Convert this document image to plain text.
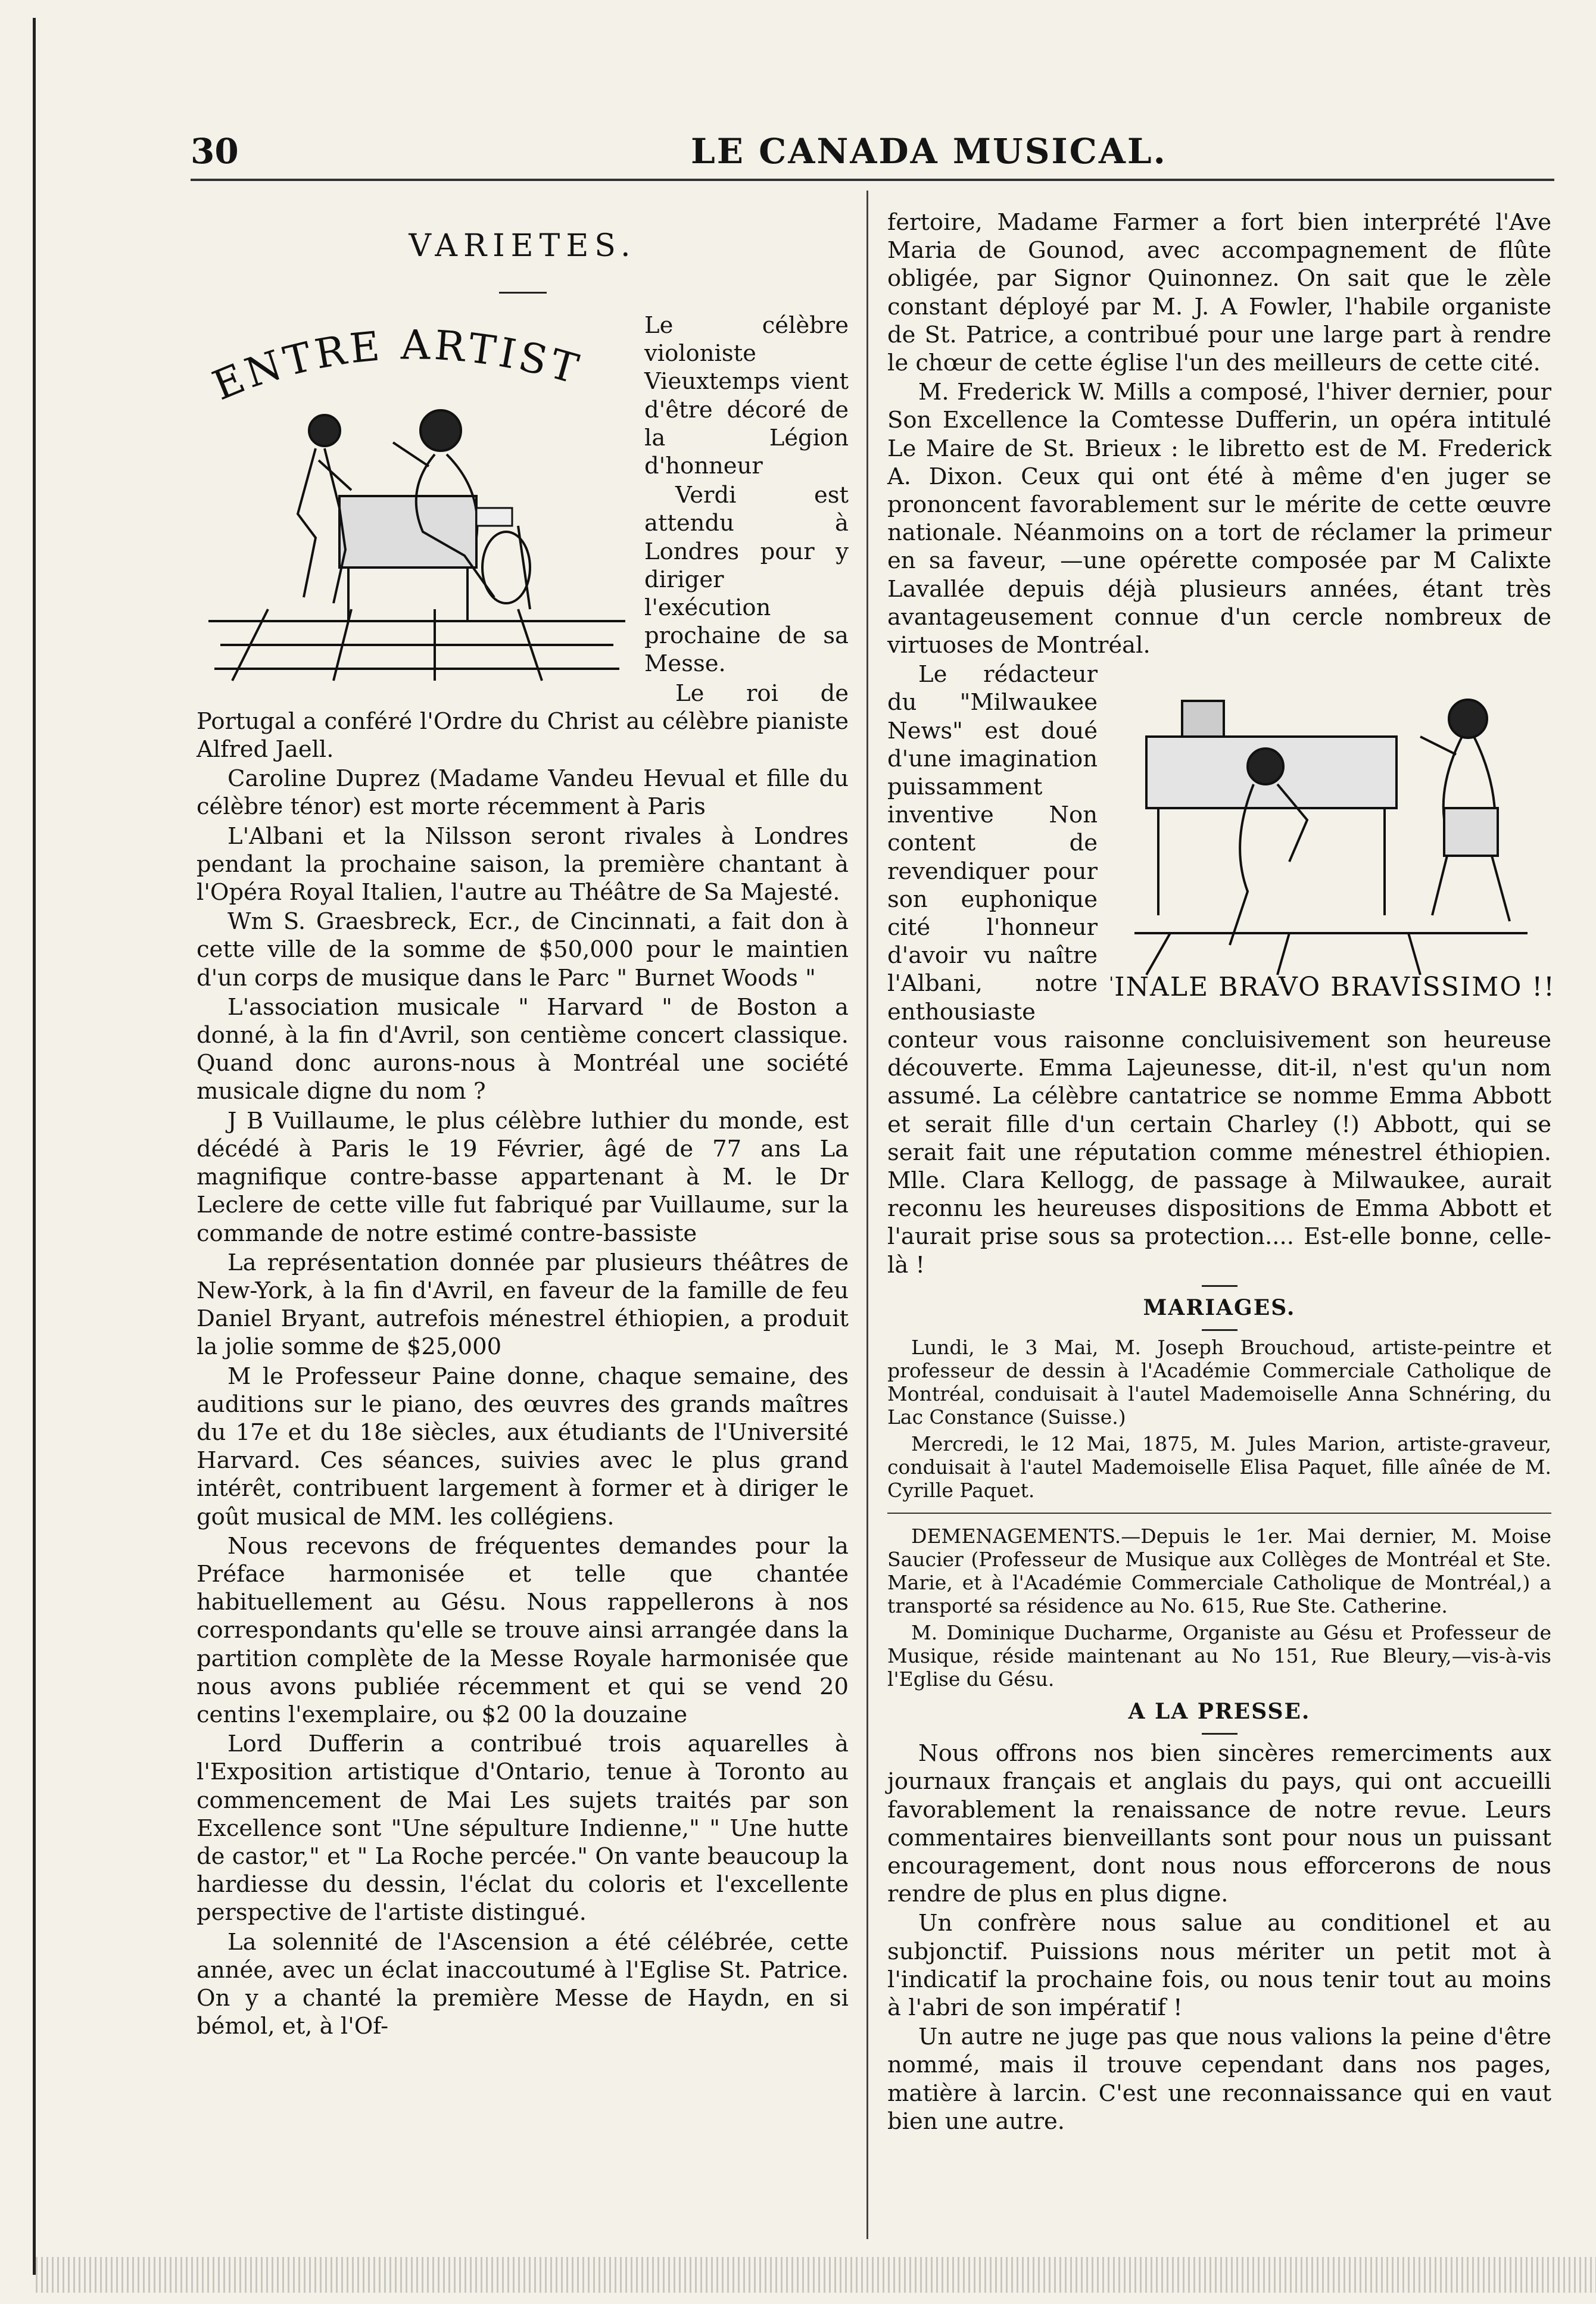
30	LE CANADA MUSICAL.
VARIETES.
ENTRE ARTIST

Le célèbre violoniste Vieuxtemps vient d'être décoré de la Légion d'honneur

Verdi est attendu à Londres pour y diriger l'exécution prochaine de sa Messe.

Le roi de Portugal a conféré l'Ordre du Christ au célèbre pianiste Alfred Jaell.

Caroline Duprez (Madame Vandeu Hevual et fille du célèbre ténor) est morte récemment à Paris

L'Albani et la Nilsson seront rivales à Londres pendant la prochaine saison, la première chantant à l'Opéra Royal Italien, l'autre au Théâtre de Sa Majesté.

Wm S. Graesbreck, Ecr., de Cincinnati, a fait don à cette ville de la somme de $50,000 pour le maintien d'un corps de musique dans le Parc " Burnet Woods "

L'association musicale " Harvard " de Boston a donné, à la fin d'Avril, son centième concert classique. Quand donc aurons-nous à Montréal une société musicale digne du nom ?

J B Vuillaume, le plus célèbre luthier du monde, est décédé à Paris le 19 Février, âgé de 77 ans La magnifique contre-basse appartenant à M. le Dr Leclere de cette ville fut fabriqué par Vuillaume, sur la commande de notre estimé contre-bassiste

La représentation donnée par plusieurs théâtres de New-York, à la fin d'Avril, en faveur de la famille de feu Daniel Bryant, autrefois ménestrel éthiopien, a produit la jolie somme de $25,000

M le Professeur Paine donne, chaque semaine, des auditions sur le piano, des œuvres des grands maîtres du 17e et du 18e siècles, aux étudiants de l'Université Harvard. Ces séances, suivies avec le plus grand intérêt, contribuent largement à former et à diriger le goût musical de MM. les collégiens.

Nous recevons de fréquentes demandes pour la Préface harmonisée et telle que chantée habituellement au Gésu. Nous rappellerons à nos correspondants qu'elle se trouve ainsi arrangée dans la partition complète de la Messe Royale harmonisée que nous avons publiée récemment et qui se vend 20 centins l'exemplaire, ou $2 00 la douzaine

Lord Dufferin a contribué trois aquarelles à l'Exposition artistique d'Ontario, tenue à Toronto au commencement de Mai Les sujets traités par son Excellence sont "Une sépulture Indienne," " Une hutte de castor," et " La Roche percée." On vante beaucoup la hardiesse du dessin, l'éclat du coloris et l'excellente perspective de l'artiste distingué.

La solennité de l'Ascension a été célébrée, cette année, avec un éclat inaccoutumé à l'Eglise St. Patrice. On y a chanté la première Messe de Haydn, en si bémol, et, à l'Of-

fertoire, Madame Farmer a fort bien interprété l'Ave Maria de Gounod, avec accompagnement de flûte obligée, par Signor Quinonnez. On sait que le zèle constant déployé par M. J. A Fowler, l'habile organiste de St. Patrice, a contribué pour une large part à rendre le chœur de cette église l'un des meilleurs de cette cité.

M. Frederick W. Mills a composé, l'hiver dernier, pour Son Excellence la Comtesse Dufferin, un opéra intitulé Le Maire de St. Brieux : le libretto est de M. Frederick A. Dixon. Ceux qui ont été à même d'en juger se prononcent favorablement sur le mérite de cette œuvre nationale. Néanmoins on a tort de réclamer la primeur en sa faveur, —une opérette composée par M Calixte Lavallée depuis déjà plusieurs années, étant très avantageusement connue d'un cercle nombreux de virtuoses de Montréal.

FINALE BRAVO BRAVISSIMO !!!

Le rédacteur du "Milwaukee News" est doué d'une imagination puissamment inventive Non content de revendiquer pour son euphonique cité l'honneur d'avoir vu naître l'Albani, notre enthousiaste conteur vous raisonne concluisivement son heureuse découverte. Emma Lajeunesse, dit-il, n'est qu'un nom assumé. La célèbre cantatrice se nomme Emma Abbott et serait fille d'un certain Charley (!) Abbott, qui se serait fait une réputation comme ménestrel éthiopien. Mlle. Clara Kellogg, de passage à Milwaukee, aurait reconnu les heureuses dispositions de Emma Abbott et l'aurait prise sous sa protection.... Est-elle bonne, celle-là !

MARIAGES.

Lundi, le 3 Mai, M. Joseph Brouchoud, artiste-peintre et professeur de dessin à l'Académie Commerciale Catholique de Montréal, conduisait à l'autel Mademoiselle Anna Schnéring, du Lac Constance (Suisse.)

Mercredi, le 12 Mai, 1875, M. Jules Marion, artiste-graveur, conduisait à l'autel Mademoiselle Elisa Paquet, fille aînée de M. Cyrille Paquet.

DEMENAGEMENTS.—Depuis le 1er. Mai dernier, M. Moise Saucier (Professeur de Musique aux Collèges de Montréal et Ste. Marie, et à l'Académie Commerciale Catholique de Montréal,) a transporté sa résidence au No. 615, Rue Ste. Catherine.

M. Dominique Ducharme, Organiste au Gésu et Professeur de Musique, réside maintenant au No 151, Rue Bleury,—vis-à-vis l'Eglise du Gésu.

A LA PRESSE.

Nous offrons nos bien sincères remerciments aux journaux français et anglais du pays, qui ont accueilli favorablement la renaissance de notre revue. Leurs commentaires bienveillants sont pour nous un puissant encouragement, dont nous nous efforcerons de nous rendre de plus en plus digne.

Un confrère nous salue au conditionel et au subjonctif. Puissions nous mériter un petit mot à l'indicatif la prochaine fois, ou nous tenir tout au moins à l'abri de son impératif !

Un autre ne juge pas que nous valions la peine d'être nommé, mais il trouve cependant dans nos pages, matière à larcin. C'est une reconnaissance qui en vaut bien une autre.
